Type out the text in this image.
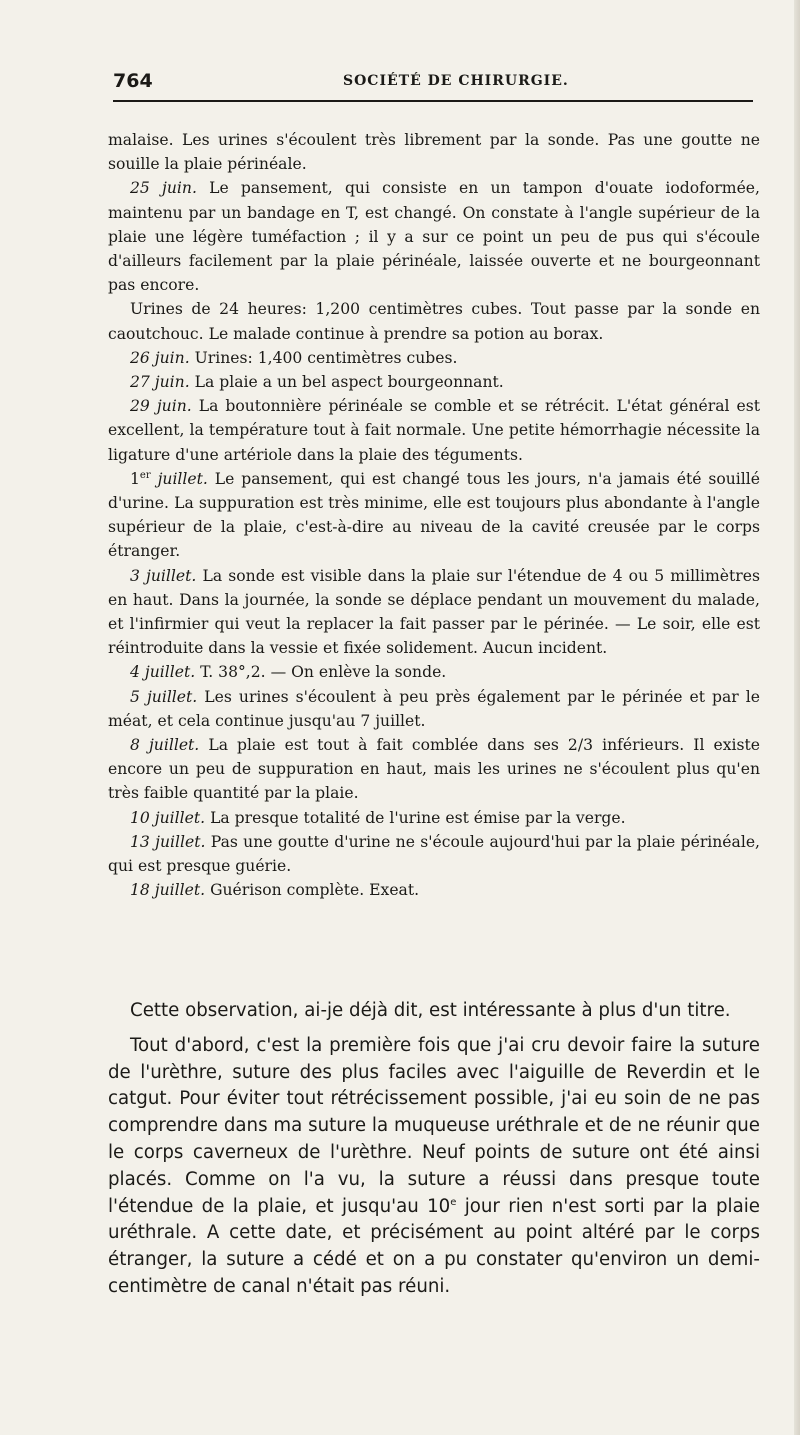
764	SOCIÉTÉ DE CHIRURGIE.

malaise. Les urines s'écoulent très librement par la sonde. Pas une goutte ne souille la plaie périnéale.

25 juin. Le pansement, qui consiste en un tampon d'ouate iodoformée, maintenu par un bandage en T, est changé. On constate à l'angle supérieur de la plaie une légère tuméfaction ; il y a sur ce point un peu de pus qui s'écoule d'ailleurs facilement par la plaie périnéale, laissée ouverte et ne bourgeonnant pas encore.

Urines de 24 heures: 1,200 centimètres cubes. Tout passe par la sonde en caoutchouc. Le malade continue à prendre sa potion au borax.

26 juin. Urines: 1,400 centimètres cubes.

27 juin. La plaie a un bel aspect bourgeonnant.

29 juin. La boutonnière périnéale se comble et se rétrécit. L'état général est excellent, la température tout à fait normale. Une petite hémorrhagie nécessite la ligature d'une artériole dans la plaie des téguments.

1er juillet. Le pansement, qui est changé tous les jours, n'a jamais été souillé d'urine. La suppuration est très minime, elle est toujours plus abondante à l'angle supérieur de la plaie, c'est-à-dire au niveau de la cavité creusée par le corps étranger.

3 juillet. La sonde est visible dans la plaie sur l'étendue de 4 ou 5 millimètres en haut. Dans la journée, la sonde se déplace pendant un mouvement du malade, et l'infirmier qui veut la replacer la fait passer par le périnée. — Le soir, elle est réintroduite dans la vessie et fixée solidement. Aucun incident.

4 juillet. T. 38°,2. — On enlève la sonde.

5 juillet. Les urines s'écoulent à peu près également par le périnée et par le méat, et cela continue jusqu'au 7 juillet.

8 juillet. La plaie est tout à fait comblée dans ses 2/3 inférieurs. Il existe encore un peu de suppuration en haut, mais les urines ne s'écoulent plus qu'en très faible quantité par la plaie.

10 juillet. La presque totalité de l'urine est émise par la verge.

13 juillet. Pas une goutte d'urine ne s'écoule aujourd'hui par la plaie périnéale, qui est presque guérie.

18 juillet. Guérison complète. Exeat.

Cette observation, ai-je déjà dit, est intéressante à plus d'un titre.

Tout d'abord, c'est la première fois que j'ai cru devoir faire la suture de l'urèthre, suture des plus faciles avec l'aiguille de Reverdin et le catgut. Pour éviter tout rétrécissement possible, j'ai eu soin de ne pas comprendre dans ma suture la muqueuse uréthrale et de ne réunir que le corps caverneux de l'urèthre. Neuf points de suture ont été ainsi placés. Comme on l'a vu, la suture a réussi dans presque toute l'étendue de la plaie, et jusqu'au 10e jour rien n'est sorti par la plaie uréthrale. A cette date, et précisément au point altéré par le corps étranger, la suture a cédé et on a pu constater qu'environ un demi-centimètre de canal n'était pas réuni.
